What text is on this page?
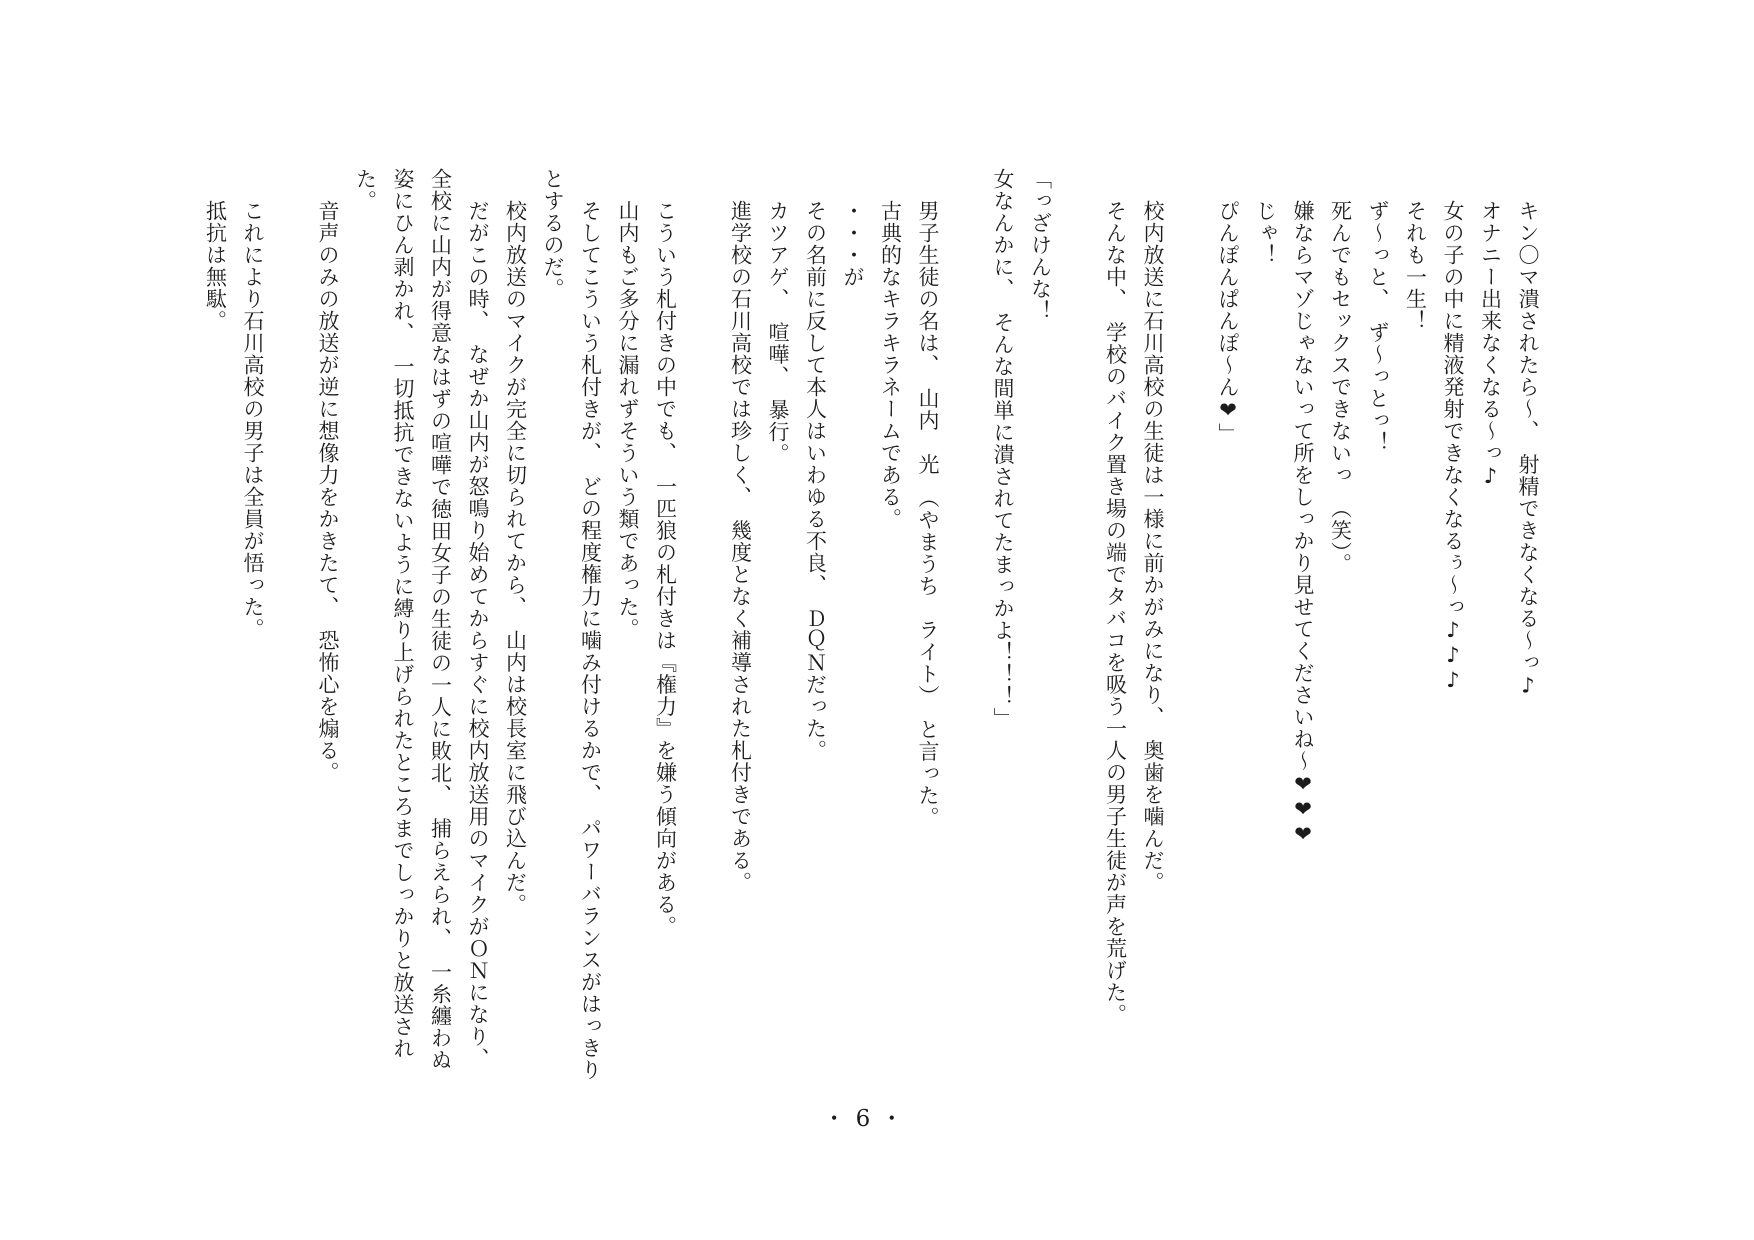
キン〇マ潰されたら～、　射精できなくなる～っ♪

オナニー出来なくなる～っ♪

女の子の中に精液発射できなくなるぅ～っ♪♪♪

それも一生！

ず～っと、　ず～っとっ！

死んでもセックスできないっ　（笑）。

嫌ならマゾじゃないって所をしっかり見せてくださいね～❤❤❤

じゃ！

ぴんぽんぱんぽ～ん❤」

校内放送に石川高校の生徒は一様に前かがみになり、　奥歯を噛んだ。

そんな中、　学校のバイク置き場の端でタバコを吸う一人の男子生徒が声を荒げた。

「っざけんな！

女なんかに、　そんな間単に潰されてたまっかよ！！！」

男子生徒の名は、　山内　光　（やまうち　ライト）　と言った。

古典的なキラキラネームである。

・・・が

その名前に反して本人はいわゆる不良、　ＤＱＮだった。

カツアゲ、　喧嘩、　暴行。

進学校の石川高校では珍しく、　幾度となく補導された札付きである。

こういう札付きの中でも、　一匹狼の札付きは『権力』を嫌う傾向がある。

山内もご多分に漏れずそういう類であった。

そしてこういう札付きが、　どの程度権力に噛み付けるかで、　パワーバランスがはっきり

とするのだ。

校内放送のマイクが完全に切られてから、　山内は校長室に飛び込んだ。

だがこの時、　なぜか山内が怒鳴り始めてからすぐに校内放送用のマイクがＯＮになり、

全校に山内が得意なはずの喧嘩で徳田女子の生徒の一人に敗北、　捕らえられ、　一糸纏わぬ

姿にひん剥かれ、　一切抵抗できないように縛り上げられたところまでしっかりと放送され

た。

音声のみの放送が逆に想像力をかきたて、　恐怖心を煽る。

これにより石川高校の男子は全員が悟った。

抵抗は無駄。

・6・
